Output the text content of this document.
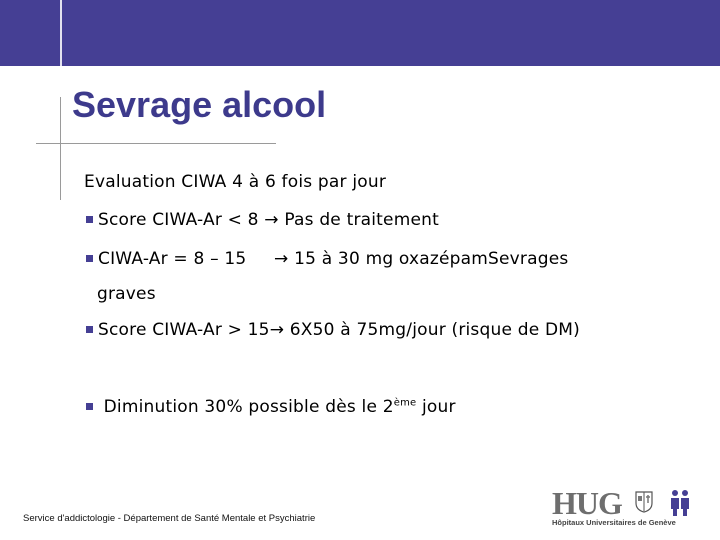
Sevrage alcool
Evaluation CIWA 4 à 6 fois par jour
Score CIWA-Ar < 8 → Pas de traitement
CIWA-Ar = 8 – 15 → 15 à 30 mg oxazépamSevrages
graves
Score CIWA-Ar > 15→ 6X50 à 75mg/jour (risque de DM)
Diminution 30% possible dès le 2ème jour
Service d'addictologie - Département de Santé Mentale et Psychiatrie	HUG
Hôpitaux Universitaires de Genève
